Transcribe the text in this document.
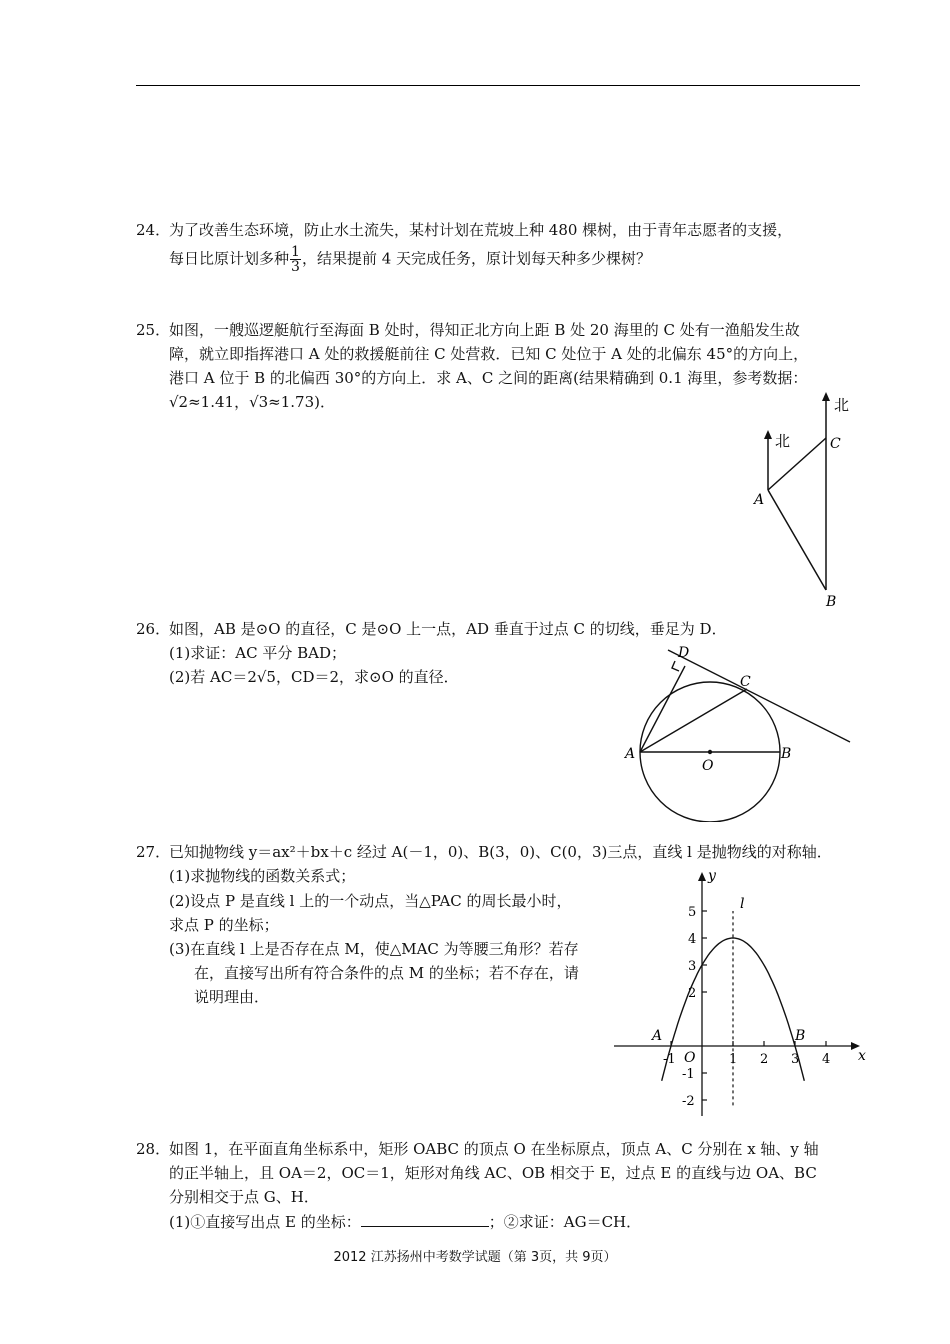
24．
为了改善生态环境，防止水土流失，某村计划在荒坡上种 480 棵树，由于青年志愿者的支援，
每日比原计划多种 $\frac{1}{3}$ ，结果提前 4 天完成任务，原计划每天种多少棵树？
25．
如图，一艘巡逻艇航行至海面 B 处时，得知正北方向上距 B 处 20 海里的 C 处有一渔船发生故
障，就立即指挥港口 A 处的救援艇前往 C 处营救．已知 C 处位于 A 处的北偏东 45°的方向上，
港口 A 位于 B 的北偏西 30°的方向上．求 A、C 之间的距离(结果精确到 0.1 海里，参考数据：
√2≈1.41，√3≈1.73)．	北
北	C
A
B
26．
如图，AB 是⊙O 的直径，C 是⊙O 上一点，AD 垂直于过点 C 的切线，垂足为 D．
(1)求证：AC 平分 BAD；
(2)若 AC＝2√5，CD＝2，求⊙O 的直径．
D
C
A	B
O
27．
已知抛物线 y＝ax²＋bx＋c 经过 A(－1，0)、B(3，0)、C(0，3)三点，直线 l 是抛物线的对称轴．
(1)求抛物线的函数关系式；
(2)设点 P 是直线 l 上的一个动点，当△PAC 的周长最小时，
求点 P 的坐标；
(3)在直线 l 上是否存在点 M，使△MAC 为等腰三角形？若存
在，直接写出所有符合条件的点 M 的坐标；若不存在，请
说明理由．
y
x
O
l
A	B
5
4
3
2
-1
-2
-1	1 2 3 4
28．
如图 1，在平面直角坐标系中，矩形 OABC 的顶点 O 在坐标原点，顶点 A、C 分别在 x 轴、y 轴
的正半轴上，且 OA＝2，OC＝1，矩形对角线 AC、OB 相交于 E，过点 E 的直线与边 OA、BC
分别相交于点 G、H．
(1)①直接写出点 E 的坐标：	；②求证：AG＝CH．
2012 江苏扬州中考数学试题（第 3页，共 9页）
